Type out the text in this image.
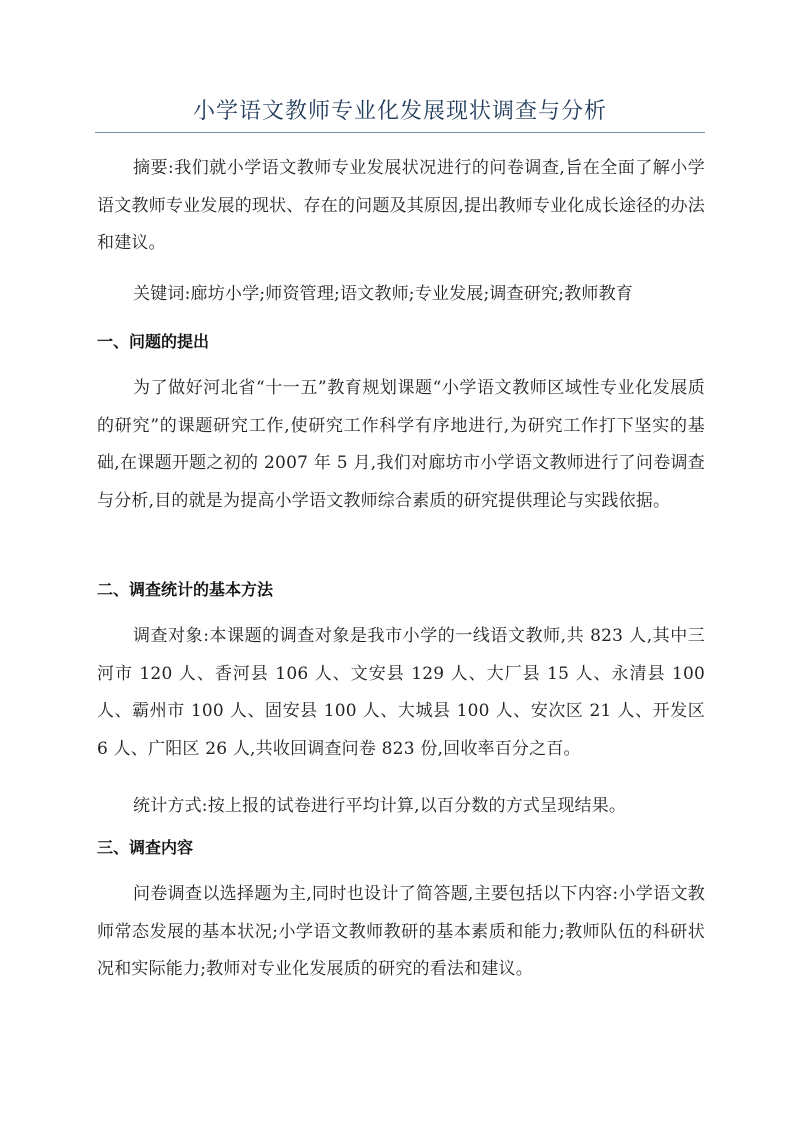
小学语文教师专业化发展现状调查与分析
摘要:我们就小学语文教师专业发展状况进行的问卷调查,旨在全面了解小学语文教师专业发展的现状、存在的问题及其原因,提出教师专业化成长途径的办法和建议。
关键词:廊坊小学;师资管理;语文教师;专业发展;调查研究;教师教育
一、问题的提出
为了做好河北省“十一五”教育规划课题“小学语文教师区域性专业化发展质的研究”的课题研究工作,使研究工作科学有序地进行,为研究工作打下坚实的基础,在课题开题之初的 2007 年 5 月,我们对廊坊市小学语文教师进行了问卷调查与分析,目的就是为提高小学语文教师综合素质的研究提供理论与实践依据。
二、调查统计的基本方法
调查对象:本课题的调查对象是我市小学的一线语文教师,共 823 人,其中三河市 120 人、香河县 106 人、文安县 129 人、大厂县 15 人、永清县 100 人、霸州市 100 人、固安县 100 人、大城县 100 人、安次区 21 人、开发区 6 人、广阳区 26 人,共收回调查问卷 823 份,回收率百分之百。
统计方式:按上报的试卷进行平均计算,以百分数的方式呈现结果。
三、调查内容
问卷调查以选择题为主,同时也设计了简答题,主要包括以下内容:小学语文教师常态发展的基本状况;小学语文教师教研的基本素质和能力;教师队伍的科研状况和实际能力;教师对专业化发展质的研究的看法和建议。
